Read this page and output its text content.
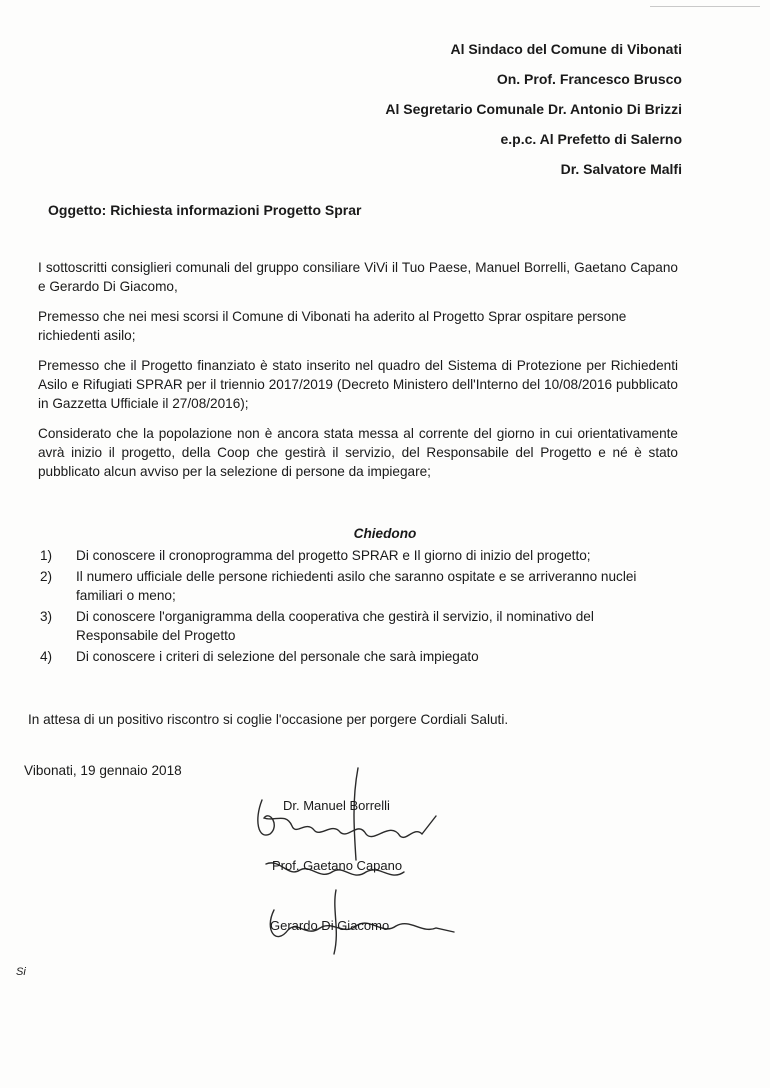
Al Sindaco del Comune di Vibonati
On. Prof. Francesco Brusco
Al Segretario Comunale Dr. Antonio Di Brizzi
e.p.c. Al Prefetto di Salerno
Dr. Salvatore Malfi
Oggetto: Richiesta informazioni Progetto Sprar
I sottoscritti consiglieri comunali del gruppo consiliare ViVi il Tuo Paese, Manuel Borrelli, Gaetano Capano e Gerardo Di Giacomo,
Premesso che nei mesi scorsi il Comune di Vibonati ha aderito al Progetto Sprar ospitare persone richiedenti asilo;
Premesso che il Progetto finanziato è stato inserito nel quadro del Sistema di Protezione per Richiedenti Asilo e Rifugiati SPRAR per il triennio 2017/2019 (Decreto Ministero dell'Interno del 10/08/2016 pubblicato in Gazzetta Ufficiale il 27/08/2016);
Considerato che la popolazione non è ancora stata messa al corrente del giorno in cui orientativamente avrà inizio il progetto, della Coop che gestirà il servizio, del Responsabile del Progetto e né è stato pubblicato alcun avviso per la selezione di persone da impiegare;
Chiedono
1)	Di conoscere il cronoprogramma del progetto SPRAR e Il giorno di inizio del progetto;
2)	Il numero ufficiale delle persone richiedenti asilo che saranno ospitate e se arriveranno nuclei familiari o meno;
3)	Di conoscere l'organigramma della cooperativa che gestirà il servizio, il nominativo del Responsabile del Progetto
4)	Di conoscere i criteri di selezione del personale che sarà impiegato
In attesa di un positivo riscontro si coglie l'occasione per porgere Cordiali Saluti.
Vibonati, 19 gennaio 2018
Dr. Manuel Borrelli
Prof. Gaetano Capano
Gerardo Di Giacomo
Si
